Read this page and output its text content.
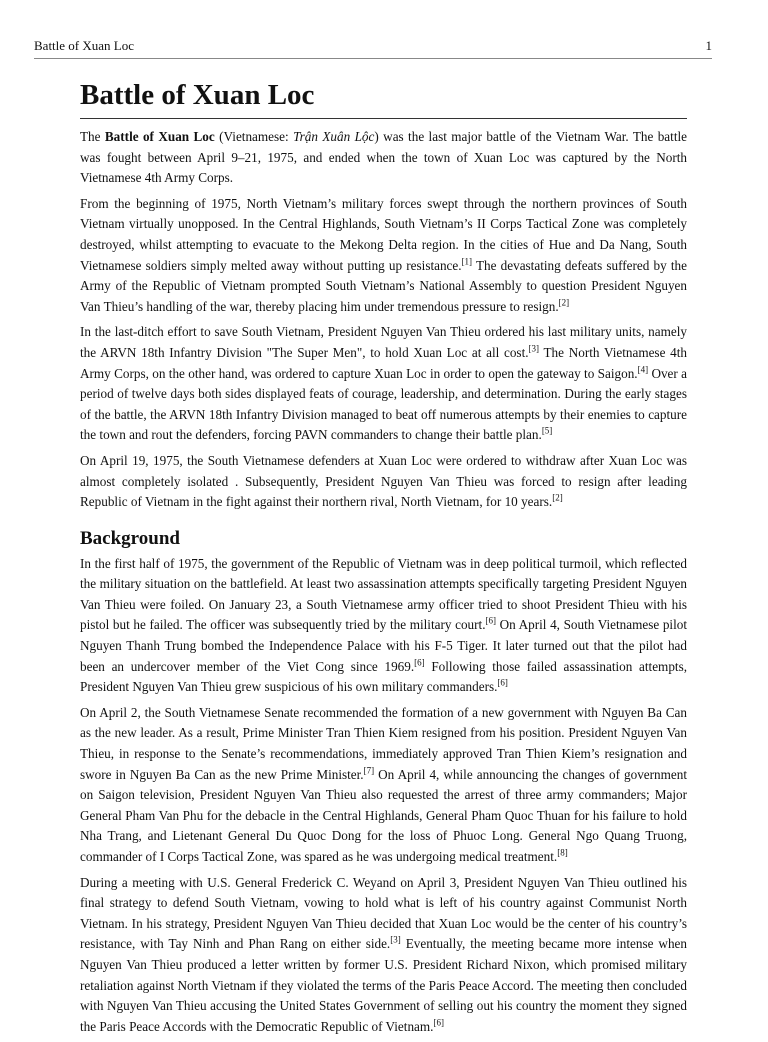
Battle of Xuan Loc	1
Battle of Xuan Loc

The Battle of Xuan Loc (Vietnamese: Trận Xuân Lộc) was the last major battle of the Vietnam War. The battle was fought between April 9–21, 1975, and ended when the town of Xuan Loc was captured by the North Vietnamese 4th Army Corps.

From the beginning of 1975, North Vietnam’s military forces swept through the northern provinces of South Vietnam virtually unopposed. In the Central Highlands, South Vietnam’s II Corps Tactical Zone was completely destroyed, whilst attempting to evacuate to the Mekong Delta region. In the cities of Hue and Da Nang, South Vietnamese soldiers simply melted away without putting up resistance.[1] The devastating defeats suffered by the Army of the Republic of Vietnam prompted South Vietnam’s National Assembly to question President Nguyen Van Thieu’s handling of the war, thereby placing him under tremendous pressure to resign.[2]

In the last-ditch effort to save South Vietnam, President Nguyen Van Thieu ordered his last military units, namely the ARVN 18th Infantry Division "The Super Men", to hold Xuan Loc at all cost.[3] The North Vietnamese 4th Army Corps, on the other hand, was ordered to capture Xuan Loc in order to open the gateway to Saigon.[4] Over a period of twelve days both sides displayed feats of courage, leadership, and determination. During the early stages of the battle, the ARVN 18th Infantry Division managed to beat off numerous attempts by their enemies to capture the town and rout the defenders, forcing PAVN commanders to change their battle plan.[5]

On April 19, 1975, the South Vietnamese defenders at Xuan Loc were ordered to withdraw after Xuan Loc was almost completely isolated . Subsequently, President Nguyen Van Thieu was forced to resign after leading Republic of Vietnam in the fight against their northern rival, North Vietnam, for 10 years.[2]

Background

In the first half of 1975, the government of the Republic of Vietnam was in deep political turmoil, which reflected the military situation on the battlefield. At least two assassination attempts specifically targeting President Nguyen Van Thieu were foiled. On January 23, a South Vietnamese army officer tried to shoot President Thieu with his pistol but he failed. The officer was subsequently tried by the military court.[6] On April 4, South Vietnamese pilot Nguyen Thanh Trung bombed the Independence Palace with his F-5 Tiger. It later turned out that the pilot had been an undercover member of the Viet Cong since 1969.[6] Following those failed assassination attempts, President Nguyen Van Thieu grew suspicious of his own military commanders.[6]

On April 2, the South Vietnamese Senate recommended the formation of a new government with Nguyen Ba Can as the new leader. As a result, Prime Minister Tran Thien Kiem resigned from his position. President Nguyen Van Thieu, in response to the Senate’s recommendations, immediately approved Tran Thien Kiem’s resignation and swore in Nguyen Ba Can as the new Prime Minister.[7] On April 4, while announcing the changes of government on Saigon television, President Nguyen Van Thieu also requested the arrest of three army commanders; Major General Pham Van Phu for the debacle in the Central Highlands, General Pham Quoc Thuan for his failure to hold Nha Trang, and Lietenant General Du Quoc Dong for the loss of Phuoc Long. General Ngo Quang Truong, commander of I Corps Tactical Zone, was spared as he was undergoing medical treatment.[8]

During a meeting with U.S. General Frederick C. Weyand on April 3, President Nguyen Van Thieu outlined his final strategy to defend South Vietnam, vowing to hold what is left of his country against Communist North Vietnam. In his strategy, President Nguyen Van Thieu decided that Xuan Loc would be the center of his country’s resistance, with Tay Ninh and Phan Rang on either side.[3] Eventually, the meeting became more intense when Nguyen Van Thieu produced a letter written by former U.S. President Richard Nixon, which promised military retaliation against North Vietnam if they violated the terms of the Paris Peace Accord. The meeting then concluded with Nguyen Van Thieu accusing the United States Government of selling out his country the moment they signed the Paris Peace Accords with the Democratic Republic of Vietnam.[6]
